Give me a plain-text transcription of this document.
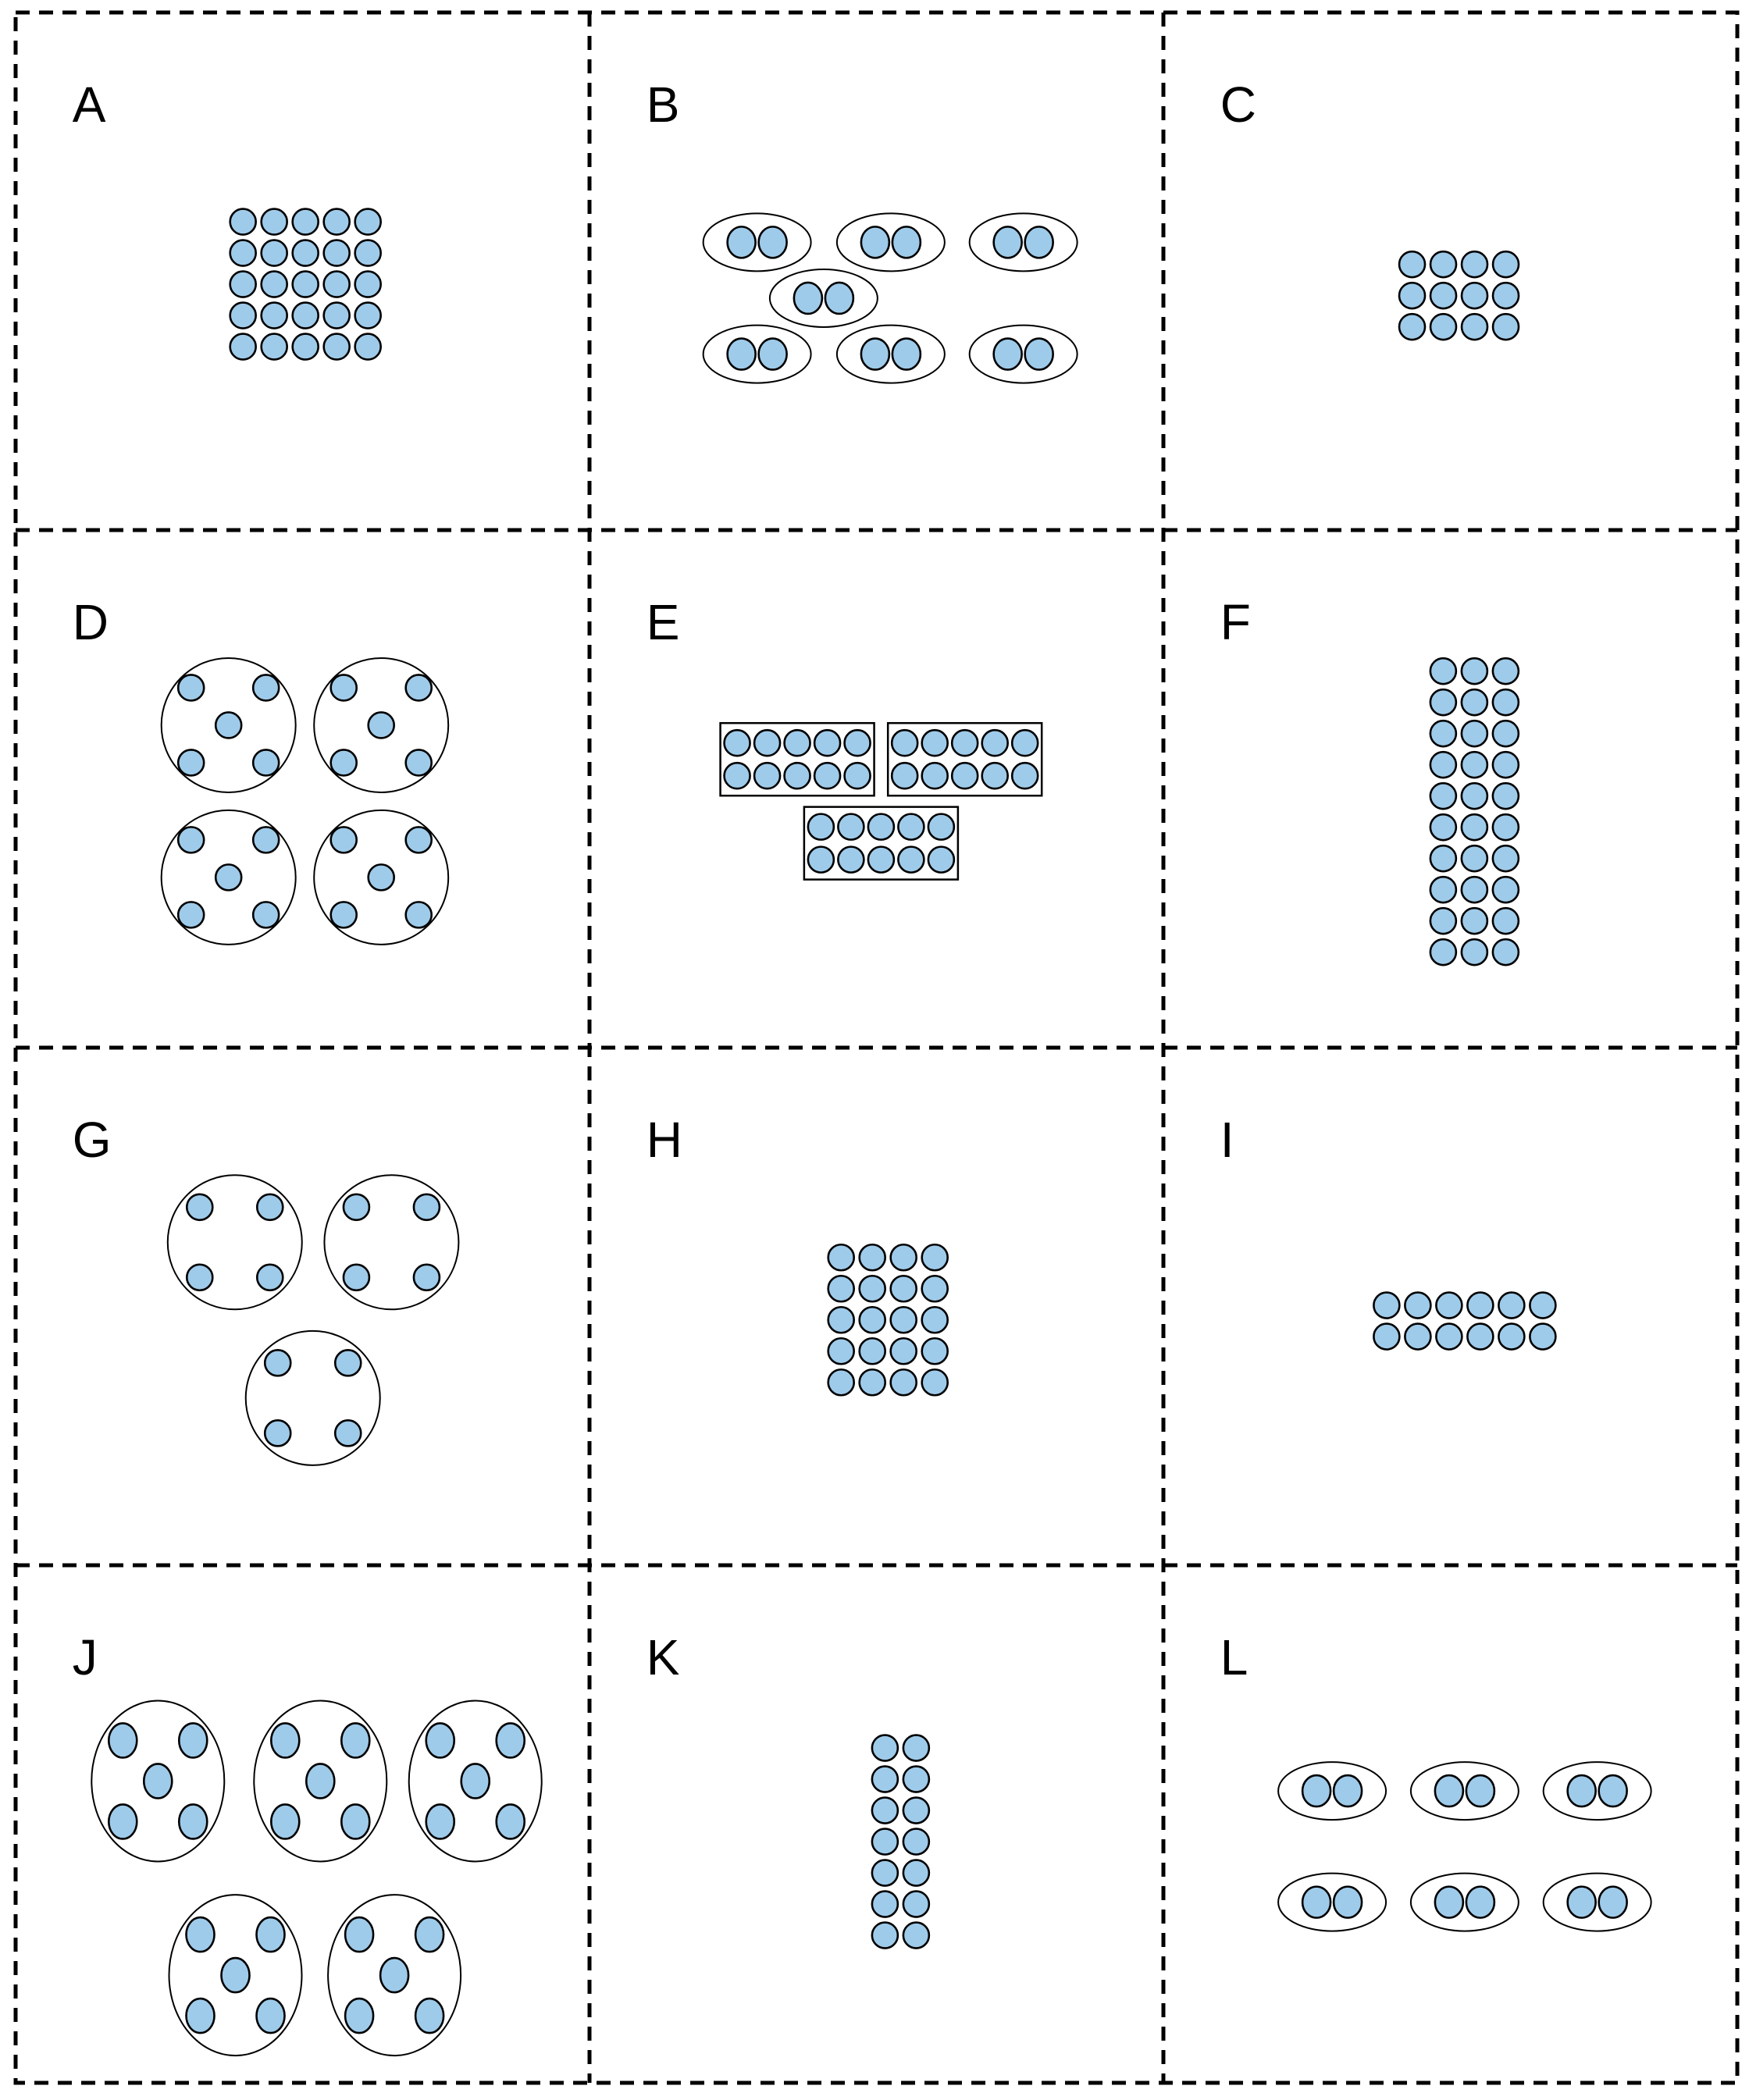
A	B	C
D	E	F
G	H	I
J	K	L
